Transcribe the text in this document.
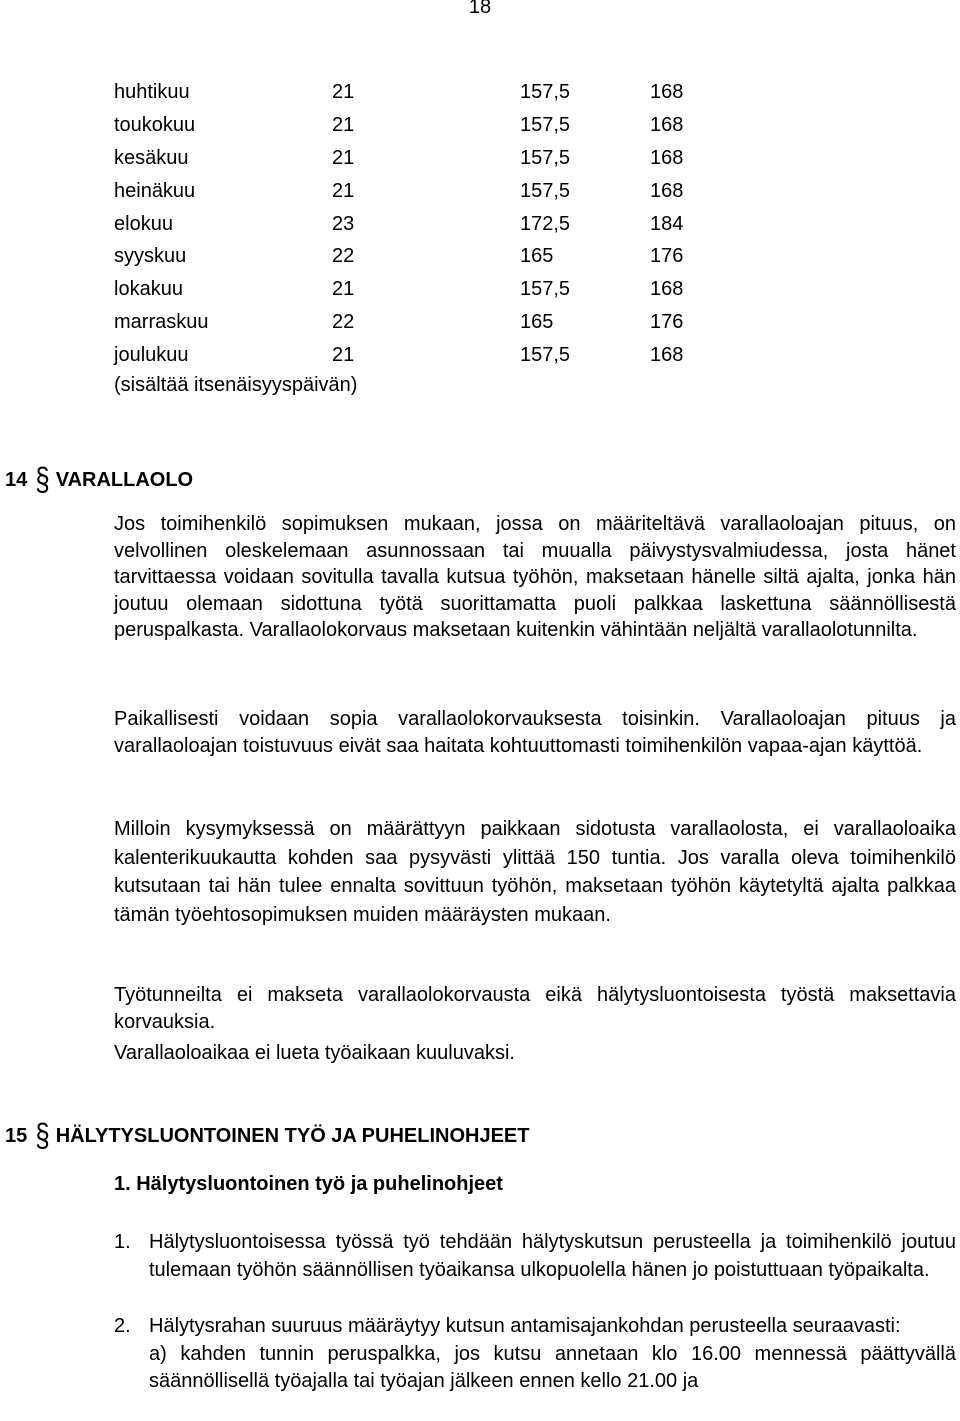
18
huhtikuu	21	157,5	168
toukokuu	21	157,5	168
kesäkuu	21	157,5	168
heinäkuu	21	157,5	168
elokuu	23	172,5	184
syyskuu	22	165	176
lokakuu	21	157,5	168
marraskuu	22	165	176
joulukuu	21	157,5	168
(sisältää itsenäisyyspäivän)
14 § VARALLAOLO

Jos toimihenkilö sopimuksen mukaan, jossa on määriteltävä varallaoloajan pituus, on velvollinen oleskelemaan asunnossaan tai muualla päivystysvalmiudessa, josta hänet tarvittaessa voidaan sovitulla tavalla kutsua työhön, maksetaan hänelle siltä ajalta, jonka hän joutuu olemaan sidottuna työtä suorittamatta puoli palkkaa laskettuna säännöllisestä peruspalkasta. Varallaolokorvaus maksetaan kuitenkin vähintään neljältä varallaolotunnilta.

Paikallisesti voidaan sopia varallaolokorvauksesta toisinkin. Varallaoloajan pituus ja varallaoloajan toistuvuus eivät saa haitata kohtuuttomasti toimihenkilön vapaa-ajan käyttöä.

Milloin kysymyksessä on määrättyyn paikkaan sidotusta varallaolosta, ei varallaoloaika kalenterikuukautta kohden saa pysyvästi ylittää 150 tuntia. Jos varalla oleva toimihenkilö kutsutaan tai hän tulee ennalta sovittuun työhön, maksetaan työhön käytetyltä ajalta palkkaa tämän työehtosopimuksen muiden määräysten mukaan.

Työtunneilta ei makseta varallaolokorvausta eikä hälytysluontoisesta työstä maksettavia korvauksia.

Varallaoloaikaa ei lueta työaikaan kuuluvaksi.

15 § HÄLYTYSLUONTOINEN TYÖ JA PUHELINOHJEET
1. Hälytysluontoinen työ ja puhelinohjeet
1. Hälytysluontoisessa työssä työ tehdään hälytyskutsun perusteella ja toimihenkilö joutuu tulemaan työhön säännöllisen työaikansa ulkopuolella hänen jo poistuttuaan työpaikalta.
2. Hälytysrahan suuruus määräytyy kutsun antamisajankohdan perusteella seuraavasti:
a) kahden tunnin peruspalkka, jos kutsu annetaan klo 16.00 mennessä päättyvällä säännöllisellä työajalla tai työajan jälkeen ennen kello 21.00 ja
